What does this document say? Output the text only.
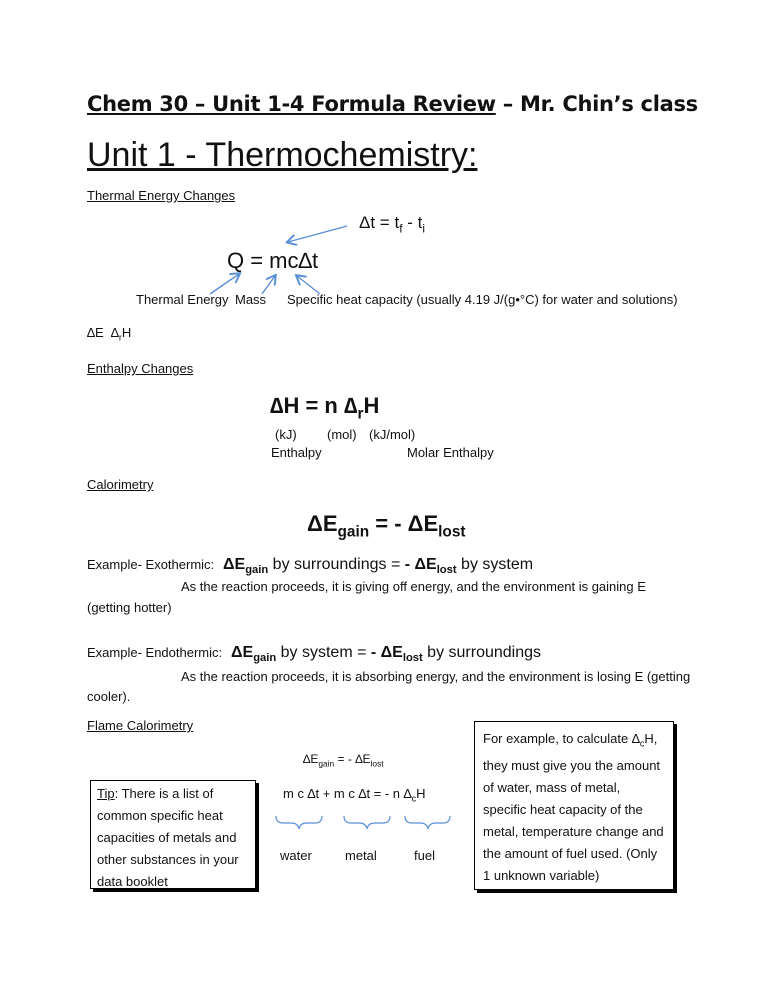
Chem 30 – Unit 1-4 Formula Review – Mr. Chin’s class
Unit 1 - Thermochemistry:
Thermal Energy Changes
$\Delta t = t_f - t_i$
Q = mc∆t
Thermal Energy Mass Specific heat capacity (usually 4.19 J/(g•°C) for water and solutions)
∆E $\Delta_rH$
Enthalpy Changes
∆H = n $\Delta_rH$
(kJ) (mol) (kJ/mol)
Enthalpy	Molar Enthalpy
Calorimetry
$\Delta E_{gain}$ = - $\Delta E_{lost}$
Example- Exothermic: $\Delta E_{gain}$ by surroundings = - $\Delta E_{lost}$ by system
As the reaction proceeds, it is giving off energy, and the environment is gaining E
(getting hotter)
Example- Endothermic: $\Delta E_{gain}$ by system = - $\Delta E_{lost}$ by surroundings
As the reaction proceeds, it is absorbing energy, and the environment is losing E (getting
cooler).
Flame Calorimetry
$\Delta E_{gain}$ = - $\Delta E_{lost}$
m c ∆t + m c ∆t = - n $\Delta_cH$
water	metal	fuel
Tip: There is a list of common specific heat capacities of metals and other substances in your data booklet
For example, to calculate $\Delta_cH$, they must give you the amount of water, mass of metal, specific heat capacity of the metal, temperature change and the amount of fuel used. (Only 1 unknown variable)
